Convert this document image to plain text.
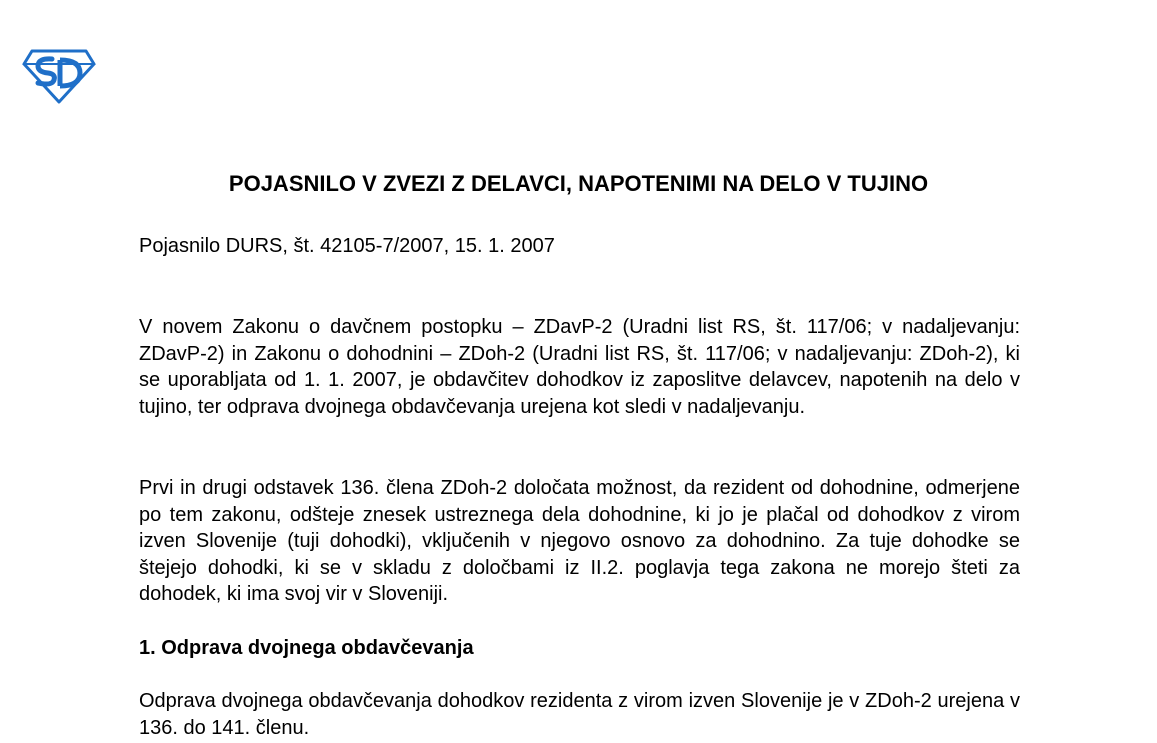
POJASNILO V ZVEZI Z DELAVCI, NAPOTENIMI NA DELO V TUJINO

Pojasnilo DURS, št. 42105-7/2007, 15. 1. 2007

V novem Zakonu o davčnem postopku – ZDavP-2 (Uradni list RS, št. 117/06; v nadaljevanju: ZDavP-2) in Zakonu o dohodnini – ZDoh-2 (Uradni list RS, št. 117/06; v nadaljevanju: ZDoh-2), ki se uporabljata od 1. 1. 2007, je obdavčitev dohodkov iz zaposlitve delavcev, napotenih na delo v tujino, ter odprava dvojnega obdavčevanja urejena kot sledi v nadaljevanju.

Prvi in drugi odstavek 136. člena ZDoh-2 določata možnost, da rezident od dohodnine, odmerjene po tem zakonu, odšteje znesek ustreznega dela dohodnine, ki jo je plačal od dohodkov z virom izven Slovenije (tuji dohodki), vključenih v njegovo osnovo za dohodnino. Za tuje dohodke se štejejo dohodki, ki se v skladu z določbami iz II.2. poglavja tega zakona ne morejo šteti za dohodek, ki ima svoj vir v Sloveniji.

1. Odprava dvojnega obdavčevanja

Odprava dvojnega obdavčevanja dohodkov rezidenta z virom izven Slovenije je v ZDoh-2 urejena v 136. do 141. členu.
